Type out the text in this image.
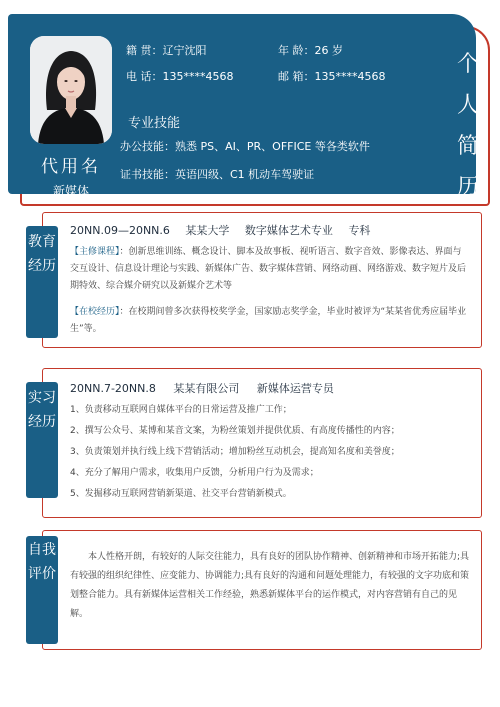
代用名
新媒体
籍 贯：辽宁沈阳	年 龄：26 岁
电 话：135****4568	邮 箱：135****4568
专业技能
办公技能：熟悉 PS、AI、PR、OFFICE 等各类软件
证书技能：英语四级、C1 机动车驾驶证
个人简历
教育经历
20NN.09—20NN.6 某某大学 数字媒体艺术专业 专科
【主修课程】：创新思维训练、概念设计、脚本及故事板、视听语言、数字音效、影像表达、界面与交互设计、信息设计理论与实践、新媒体广告、数字媒体营销、网络动画、网络游戏、数字短片及后期特效、综合媒介研究以及新媒介艺术等
【在校经历】：在校期间曾多次获得校奖学金，国家励志奖学金，毕业时被评为“某某省优秀应届毕业生”等。
实习经历
20NN.7-20NN.8 某某有限公司 新媒体运营专员
1、负责移动互联网自媒体平台的日常运营及推广工作；
2、撰写公众号、某博和某音文案，为粉丝策划并提供优质、有高度传播性的内容；
3、负责策划并执行线上线下营销活动；增加粉丝互动机会，提高知名度和美誉度；
4、充分了解用户需求，收集用户反馈，分析用户行为及需求；
5、发掘移动互联网营销新渠道、社交平台营销新模式。
自我评价
本人性格开朗，有较好的人际交往能力，具有良好的团队协作精神、创新精神和市场开拓能力;具有较强的组织纪律性、应变能力、协调能力;具有良好的沟通和问题处理能力，有较强的文字功底和策划整合能力。具有新媒体运营相关工作经验，熟悉新媒体平台的运作模式，对内容营销有自己的见解。
